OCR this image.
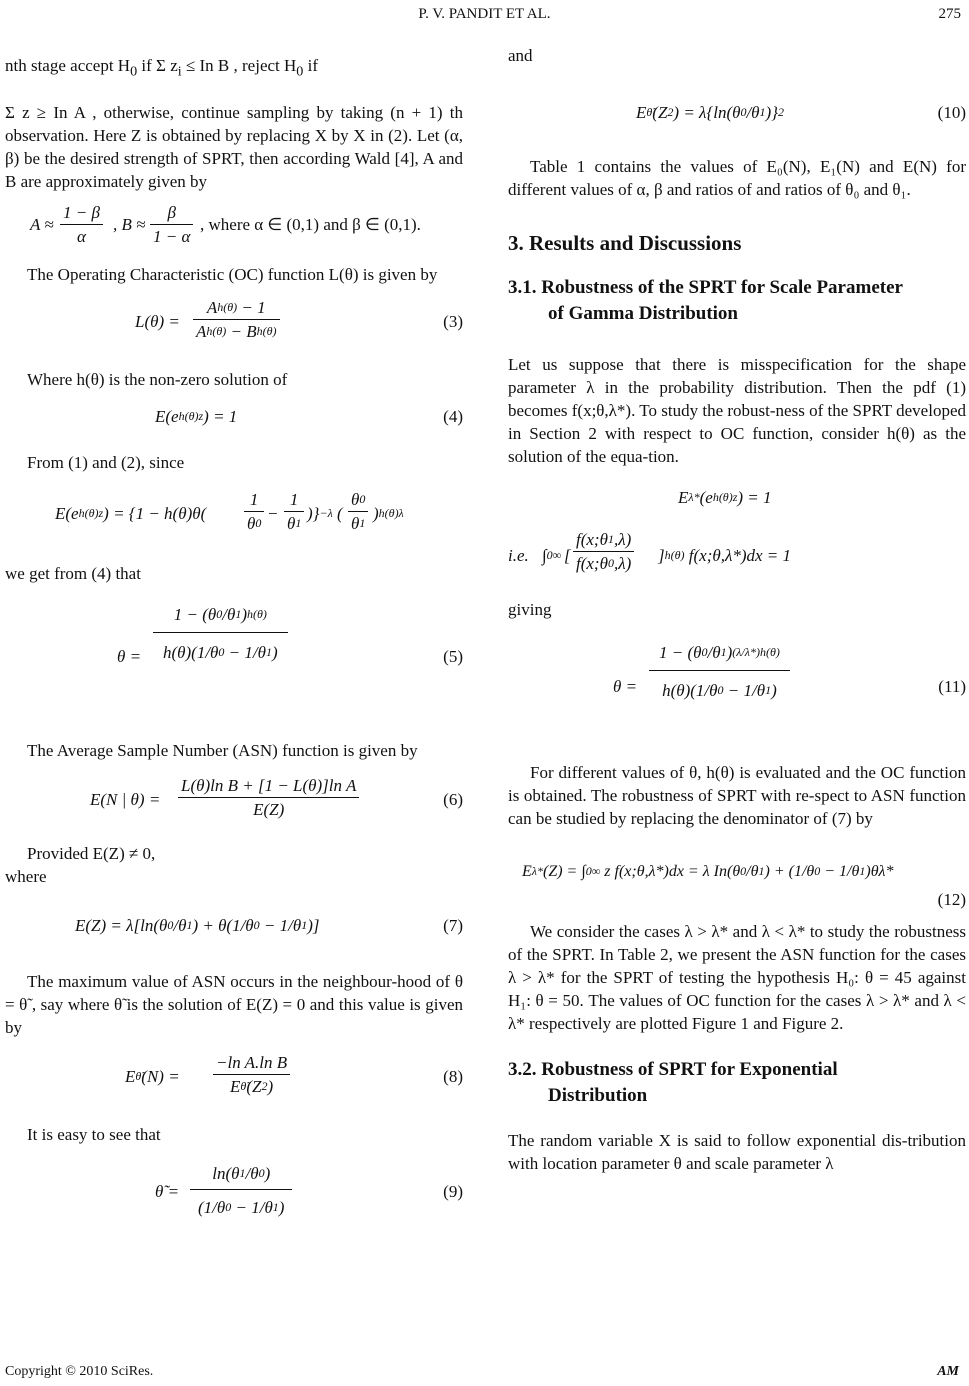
P. V. PANDIT ET AL.	275

nth stage accept $H_0$ if Σ $z_i \le In$ B , reject $H_0$ if

Σ z ≥ In A , otherwise, continue sampling by taking (n + 1) th observation. Here Z is obtained by replacing X by X in (2). Let (α, β) be the desired strength of SPRT, then according Wald [4], A and B are approximately given by

$A \approx \frac{1 - \beta}{\alpha}$ , $B \approx \frac{\beta}{1 - \alpha}$ , where α ∈ (0,1) and β ∈ (0,1).

The Operating Characteristic (OC) function L(θ) is given by

$L(\theta) = \frac{A^{h(\theta)} - 1}{A^{h(\theta)} - B^{h(\theta)}}$	(3)

Where h(θ) is the non-zero solution of

$E(e^{h(\theta)z}) = 1$	(4)

From (1) and (2), since

$E(e^{h(\theta)z}) = \{1 - h(\theta)\theta( \frac{1}{\theta 0} - \frac{1}{\theta 1} )\}^{-\lambda}$ ( $\frac{\theta 0}{\theta 1} )^{h(\theta)\lambda}$

we get from (4) that

$\theta = \frac{1 - (\theta 0/\theta 1)^{h(\theta)}}{h(\theta)(1/\theta 0 - 1/\theta 1)}$	(5)

The Average Sample Number (ASN) function is given by

E(N | $\theta) = \frac{\text{L(θ)ln B + [1 − L(θ)]ln A}}{E(Z)}$	(6)

Provided E(Z) ≠ 0,

where

E(Z) = λ[ln(θ0/θ1) + θ(1/θ0 − 1/θ1)]	(7)

The maximum value of ASN occurs in the neighbour-hood of θ = θ̃ , say where θ̃ is the solution of E(Z) = 0 and this value is given by

Eθ̃(N) = $\frac{\text{−ln A.ln B}}{E\thetã(Z^2)}$	(8)

It is easy to see that

θ̃ = $\frac{\ln(\theta 1/\theta 0)}{(1/\theta 0 - 1/\theta 1)}$	(9)

and

$E\thetã(Z^2) = \lambda\{\ln(\theta 0/\theta 1)\}^2$	(10)

Table 1 contains the values of E₀(N), E₁(N) and E(N) for different values of α, β and ratios of and ratios of θ₀ and θ₁.

3. Results and Discussions
3.1. Robustness of the SPRT for Scale Parameter
of Gamma Distribution

Let us suppose that there is misspecification for the shape parameter λ in the probability distribution. Then the pdf (1) becomes f(x;θ,λ*). To study the robust-ness of the SPRT developed in Section 2 with respect to OC function, consider h(θ) as the solution of the equa-tion.

$E\lambda*(e^{h(\theta)z}) = 1$
i.e. ∫0∞ [ $\frac{f(x;\theta 1,\lambda)}{f(x;\theta 0,\lambda)} ]^{h(\theta)}$ f(x;θ,λ*)dx = 1

giving

$\theta = \frac{1 - (\theta 0/\theta 1)^{(\lambda/\lambda*)h(\theta)}}{h(\theta)(1/\theta 0 - 1/\theta 1)}$	(11)

For different values of θ, h(θ) is evaluated and the OC function is obtained. The robustness of SPRT with re-spect to ASN function can be studied by replacing the denominator of (7) by

Eλ*(Z) = ∫0∞ z f(x;θ,λ*)dx = λ In(θ0/θ1) + (1/θ0 − 1/θ1)θλ*
(12)

We consider the cases λ > λ* and λ < λ* to study the robustness of the SPRT. In Table 2, we present the ASN function for the cases λ > λ* for the SPRT of testing the hypothesis H₀: θ = 45 against H₁: θ = 50. The values of OC function for the cases λ > λ* and λ < λ* respectively are plotted Figure 1 and Figure 2.

3.2. Robustness of SPRT for Exponential
Distribution

The random variable X is said to follow exponential dis-tribution with location parameter θ and scale parameter λ

Copyright © 2010 SciRes.	AM
